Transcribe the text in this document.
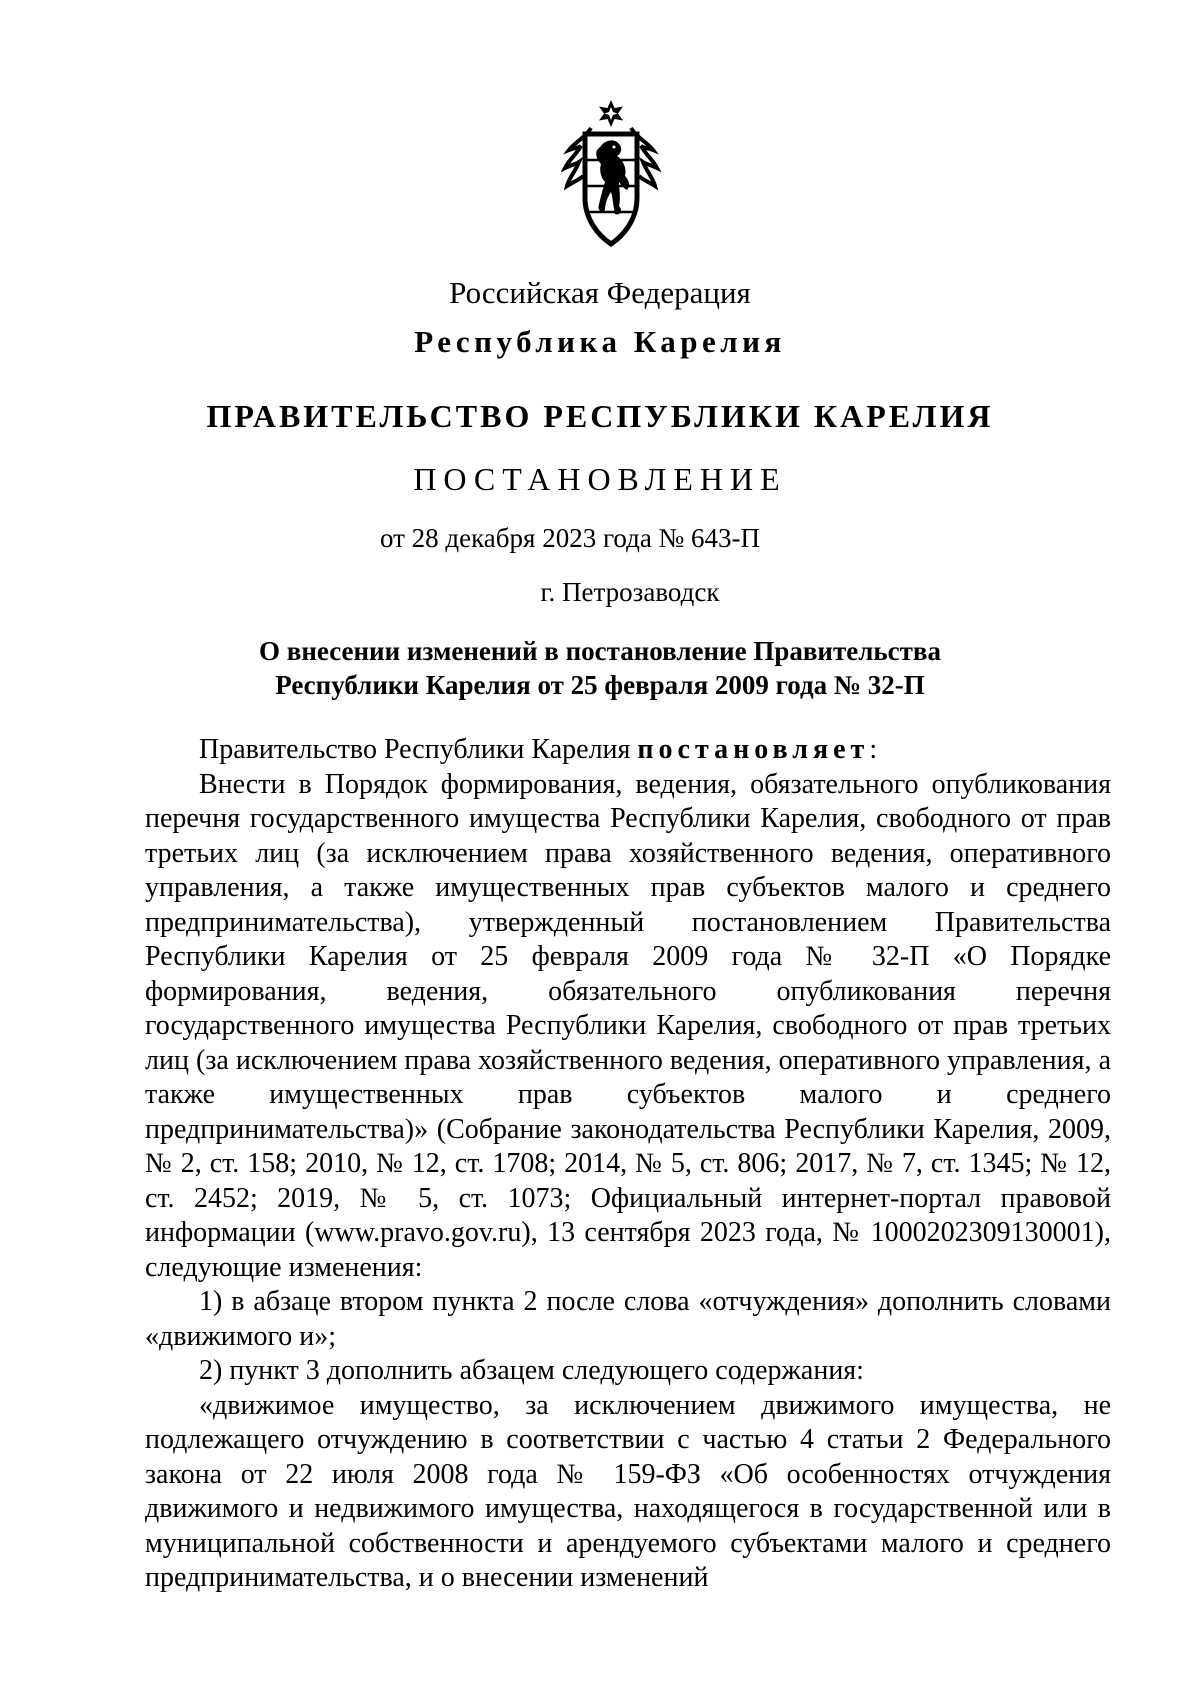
Российская Федерация
Республика Карелия
ПРАВИТЕЛЬСТВО РЕСПУБЛИКИ КАРЕЛИЯ
ПОСТАНОВЛЕНИЕ
от 28 декабря 2023 года № 643-П
г. Петрозаводск
О внесении изменений в постановление Правительства
Республики Карелия от 25 февраля 2009 года № 32-П

Правительство Республики Карелия постановляет:

Внести в Порядок формирования, ведения, обязательного опубликования перечня государственного имущества Республики Карелия, свободного от прав третьих лиц (за исключением права хозяйственного ведения, оперативного управления, а также имущественных прав субъектов малого и среднего предпринимательства), утвержденный постановлением Правительства Республики Карелия от 25 февраля 2009 года № 32-П «О Порядке формирования, ведения, обязательного опубликования перечня государственного имущества Республики Карелия, свободного от прав третьих лиц (за исключением права хозяйственного ведения, оперативного управления, а также имущественных прав субъектов малого и среднего предпринимательства)» (Собрание законодательства Республики Карелия, 2009, № 2, ст. 158; 2010, № 12, ст. 1708; 2014, № 5, ст. 806; 2017, № 7, ст. 1345; № 12, ст. 2452; 2019, № 5, ст. 1073; Официальный интернет-портал правовой информации (www.pravo.gov.ru), 13 сентября 2023 года, № 1000202309130001), следующие изменения:

1) в абзаце втором пункта 2 после слова «отчуждения» дополнить словами «движимого и»;

2) пункт 3 дополнить абзацем следующего содержания:

«движимое имущество, за исключением движимого имущества, не подлежащего отчуждению в соответствии с частью 4 статьи 2 Федерального закона от 22 июля 2008 года № 159-ФЗ «Об особенностях отчуждения движимого и недвижимого имущества, находящегося в государственной или в муниципальной собственности и арендуемого субъектами малого и среднего предпринимательства, и о внесении изменений
